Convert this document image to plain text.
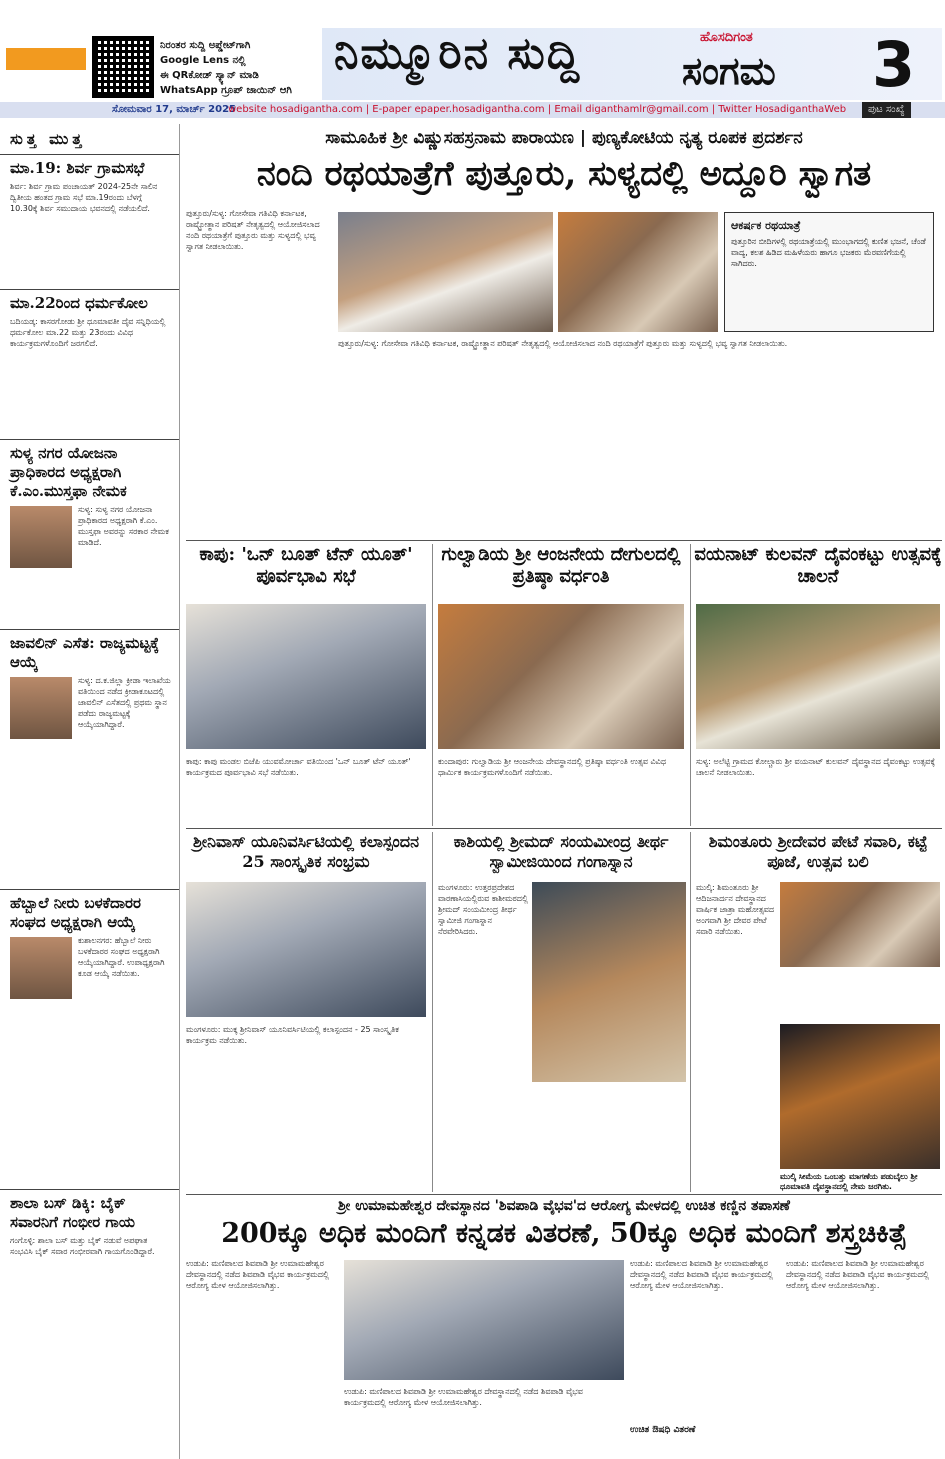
ನಿರಂತರ ಸುದ್ದಿ ಅಪ್ಡೇಟ್‌ಗಾಗಿ
Google Lens ನಲ್ಲಿ
ಈ QRಕೋಡ್ ಸ್ಕ್ಯಾನ್ ಮಾಡಿ
WhatsApp ಗ್ರೂಪ್ ಜಾಯಿನ್ ಆಗಿ
ನಿಮ್ಮೂರಿನ ಸುದ್ದಿ	ಹೊಸದಿಗಂತ
ಸಂಗಮ 3
ಸೋಮವಾರ 17, ಮಾರ್ಚ್ 2025
website hosadigantha.com | E-paper epaper.hosadigantha.com | Email diganthamlr@gmail.com | Twitter HosadiganthaWeb	ಪುಟ ಸಂಖ್ಯೆ
ಸುತ್ತ ಮುತ್ತ
ಮಾ.19: ಶಿರ್ವ ಗ್ರಾಮಸಭೆ
ಶಿರ್ವ: ಶಿರ್ವ ಗ್ರಾಮ ಪಂಚಾಯತ್ 2024-25ನೇ ಸಾಲಿನ ದ್ವಿತೀಯ ಹಂತದ ಗ್ರಾಮ ಸಭೆ ಮಾ.19ರಂದು ಬೆಳಗ್ಗೆ 10.30ಕ್ಕೆ ಶಿರ್ವ ಸಮುದಾಯ ಭವನದಲ್ಲಿ ನಡೆಯಲಿದೆ.
ಮಾ.22ರಿಂದ ಧರ್ಮಕೋಲ
ಬದಿಯಡ್ಕ: ಕಾಸರಗೋಡು ಶ್ರೀ ಧೂಮಾವತೀ ದೈವ ಸನ್ನಿಧಿಯಲ್ಲಿ ಧರ್ಮಕೋಲ ಮಾ.22 ಮತ್ತು 23ರಂದು ವಿವಿಧ ಕಾರ್ಯಕ್ರಮಗಳೊಂದಿಗೆ ಜರಗಲಿದೆ.
ಸುಳ್ಯ ನಗರ ಯೋಜನಾ ಪ್ರಾಧಿಕಾರದ ಅಧ್ಯಕ್ಷರಾಗಿ ಕೆ.ಎಂ.ಮುಸ್ತಫಾ ನೇಮಕ
ಸುಳ್ಯ: ಸುಳ್ಯ ನಗರ ಯೋಜನಾ ಪ್ರಾಧಿಕಾರದ ಅಧ್ಯಕ್ಷರಾಗಿ ಕೆ.ಎಂ. ಮುಸ್ತಫಾ ಅವರನ್ನು ಸರಕಾರ ನೇಮಕ ಮಾಡಿದೆ.
ಜಾವಲಿನ್ ಎಸೆತ: ರಾಜ್ಯಮಟ್ಟಕ್ಕೆ ಆಯ್ಕೆ
ಸುಳ್ಯ: ದ.ಕ.ಜಿಲ್ಲಾ ಕ್ರೀಡಾ ಇಲಾಖೆಯ ವತಿಯಿಂದ ನಡೆದ ಕ್ರೀಡಾಕೂಟದಲ್ಲಿ ಜಾವಲಿನ್ ಎಸೆತದಲ್ಲಿ ಪ್ರಥಮ ಸ್ಥಾನ ಪಡೆದು ರಾಜ್ಯಮಟ್ಟಕ್ಕೆ ಆಯ್ಕೆಯಾಗಿದ್ದಾರೆ.
ಹೆಬ್ಬಾಲೆ ನೀರು ಬಳಕೆದಾರರ ಸಂಘದ ಅಧ್ಯಕ್ಷರಾಗಿ ಆಯ್ಕೆ
ಕುಶಾಲನಗರ: ಹೆಬ್ಬಾಲೆ ನೀರು ಬಳಕೆದಾರರ ಸಂಘದ ಅಧ್ಯಕ್ಷರಾಗಿ ಆಯ್ಕೆಯಾಗಿದ್ದಾರೆ. ಉಪಾಧ್ಯಕ್ಷರಾಗಿ ಕೂಡ ಆಯ್ಕೆ ನಡೆಯಿತು.
ಶಾಲಾ ಬಸ್ ಡಿಕ್ಕಿ: ಬೈಕ್ ಸವಾರನಿಗೆ ಗಂಭೀರ ಗಾಯ
ಗಂಗೊಳ್ಳಿ: ಶಾಲಾ ಬಸ್ ಮತ್ತು ಬೈಕ್ ನಡುವೆ ಅಪಘಾತ ಸಂಭವಿಸಿ ಬೈಕ್ ಸವಾರ ಗಂಭೀರವಾಗಿ ಗಾಯಗೊಂಡಿದ್ದಾರೆ.
ಸಾಮೂಹಿಕ ಶ್ರೀ ವಿಷ್ಣುಸಹಸ್ರನಾಮ ಪಾರಾಯಣ | ಪುಣ್ಯಕೋಟಿಯ ನೃತ್ಯ ರೂಪಕ ಪ್ರದರ್ಶನ
ನಂದಿ ರಥಯಾತ್ರೆಗೆ ಪುತ್ತೂರು, ಸುಳ್ಯದಲ್ಲಿ ಅದ್ದೂರಿ ಸ್ವಾಗತ
ಪುತ್ತೂರು/ಸುಳ್ಯ: ಗೋಸೇವಾ ಗತಿವಿಧಿ ಕರ್ನಾಟಕ, ರಾಷ್ಟ್ರೋತ್ಥಾನ ಪರಿಷತ್ ನೇತೃತ್ವದಲ್ಲಿ ಆಯೋಜಿಸಲಾದ ನಂದಿ ರಥಯಾತ್ರೆಗೆ ಪುತ್ತೂರು ಮತ್ತು ಸುಳ್ಯದಲ್ಲಿ ಭವ್ಯ ಸ್ವಾಗತ ನೀಡಲಾಯಿತು.
ಆಕರ್ಷಕ ರಥಯಾತ್ರೆ
ಪುತ್ತೂರಿನ ಬೀದಿಗಳಲ್ಲಿ ರಥಯಾತ್ರೆಯಲ್ಲಿ ಮುಂಭಾಗದಲ್ಲಿ ಕುಣಿತ ಭಜನೆ, ಚೆಂಡೆ ವಾದ್ಯ, ಕಲಶ ಹಿಡಿದ ಮಹಿಳೆಯರು ಹಾಗೂ ಭಜಕರು ಮೆರವಣಿಗೆಯಲ್ಲಿ ಸಾಗಿದರು.
ಪುತ್ತೂರು/ಸುಳ್ಯ: ಗೋಸೇವಾ ಗತಿವಿಧಿ ಕರ್ನಾಟಕ, ರಾಷ್ಟ್ರೋತ್ಥಾನ ಪರಿಷತ್ ನೇತೃತ್ವದಲ್ಲಿ ಆಯೋಜಿಸಲಾದ ನಂದಿ ರಥಯಾತ್ರೆಗೆ ಪುತ್ತೂರು ಮತ್ತು ಸುಳ್ಯದಲ್ಲಿ ಭವ್ಯ ಸ್ವಾಗತ ನೀಡಲಾಯಿತು.
ಕಾಪು: 'ಒನ್ ಬೂತ್ ಟೆನ್ ಯೂತ್' ಪೂರ್ವಭಾವಿ ಸಭೆ
ಕಾಪು: ಕಾಪು ಮಂಡಲ ಬಿಜೆಪಿ ಯುವಮೋರ್ಚಾ ವತಿಯಿಂದ 'ಒನ್ ಬೂತ್ ಟೆನ್ ಯೂತ್' ಕಾರ್ಯಕ್ರಮದ ಪೂರ್ವಭಾವಿ ಸಭೆ ನಡೆಯಿತು.
ಗುಲ್ವಾಡಿಯ ಶ್ರೀ ಆಂಜನೇಯ ದೇಗುಲದಲ್ಲಿ ಪ್ರತಿಷ್ಠಾ ವರ್ಧಂತಿ
ಕುಂದಾಪುರ: ಗುಲ್ವಾಡಿಯ ಶ್ರೀ ಆಂಜನೇಯ ದೇವಸ್ಥಾನದಲ್ಲಿ ಪ್ರತಿಷ್ಠಾ ವರ್ಧಂತಿ ಉತ್ಸವ ವಿವಿಧ ಧಾರ್ಮಿಕ ಕಾರ್ಯಕ್ರಮಗಳೊಂದಿಗೆ ನಡೆಯಿತು.
ವಯನಾಟ್ ಕುಲವನ್ ದೈವಂಕಟ್ಟು ಉತ್ಸವಕ್ಕೆ ಚಾಲನೆ
ಸುಳ್ಯ: ಅಲೆಟ್ಟಿ ಗ್ರಾಮದ ಕೋಲ್ಚಾರು ಶ್ರೀ ವಯನಾಟ್ ಕುಲವನ್ ದೈವಸ್ಥಾನದ ದೈವಂಕಟ್ಟು ಉತ್ಸವಕ್ಕೆ ಚಾಲನೆ ನೀಡಲಾಯಿತು.
ಶ್ರೀನಿವಾಸ್ ಯೂನಿವರ್ಸಿಟಿಯಲ್ಲಿ ಕಲಾಸ್ಪಂದನ 25 ಸಾಂಸ್ಕೃತಿಕ ಸಂಭ್ರಮ
ಮಂಗಳೂರು: ಮುಕ್ಕ ಶ್ರೀನಿವಾಸ್ ಯೂನಿವರ್ಸಿಟಿಯಲ್ಲಿ ಕಲಾಸ್ಪಂದನ - 25 ಸಾಂಸ್ಕೃತಿಕ ಕಾರ್ಯಕ್ರಮ ನಡೆಯಿತು.
ಕಾಶಿಯಲ್ಲಿ ಶ್ರೀಮದ್ ಸಂಯಮೀಂದ್ರ ತೀರ್ಥ ಸ್ವಾಮೀಜಿಯಿಂದ ಗಂಗಾಸ್ನಾನ
ಮಂಗಳೂರು: ಉತ್ತರಪ್ರದೇಶದ ವಾರಣಾಸಿಯಲ್ಲಿರುವ ಕಾಶೀಮಠದಲ್ಲಿ ಶ್ರೀಮದ್ ಸಂಯಮೀಂದ್ರ ತೀರ್ಥ ಸ್ವಾಮೀಜಿ ಗಂಗಾಸ್ನಾನ ನೆರವೇರಿಸಿದರು.
ಶಿಮಂತೂರು ಶ್ರೀದೇವರ ಪೇಟೆ ಸವಾರಿ, ಕಟ್ಟೆ ಪೂಜೆ, ಉತ್ಸವ ಬಲಿ
ಮುಲ್ಕಿ: ಶಿಮಂತೂರು ಶ್ರೀ ಆದಿಜನಾರ್ದನ ದೇವಸ್ಥಾನದ ವಾರ್ಷಿಕ ಜಾತ್ರಾ ಮಹೋತ್ಸವದ ಅಂಗವಾಗಿ ಶ್ರೀ ದೇವರ ಪೇಟೆ ಸವಾರಿ ನಡೆಯಿತು.
ಮುಲ್ಕಿ ಸೀಮೆಯ ಒಂಬತ್ತು ಮಾಗಣೆಯ ಪಡುಬೈಲು ಶ್ರೀ ಧೂಮಾವತಿ ದೈವಸ್ಥಾನದಲ್ಲಿ ನೇಮ ಜರಗಿತು.
ಶ್ರೀ ಉಮಾಮಹೇಶ್ವರ ದೇವಸ್ಥಾನದ 'ಶಿವಪಾಡಿ ವೈಭವ'ದ ಆರೋಗ್ಯ ಮೇಳದಲ್ಲಿ ಉಚಿತ ಕಣ್ಣಿನ ತಪಾಸಣೆ
200ಕ್ಕೂ ಅಧಿಕ ಮಂದಿಗೆ ಕನ್ನಡಕ ವಿತರಣೆ, 50ಕ್ಕೂ ಅಧಿಕ ಮಂದಿಗೆ ಶಸ್ತ್ರಚಿಕಿತ್ಸೆ
ಉಡುಪಿ: ಮಣಿಪಾಲದ ಶಿವಪಾಡಿ ಶ್ರೀ ಉಮಾಮಹೇಶ್ವರ ದೇವಸ್ಥಾನದಲ್ಲಿ ನಡೆದ ಶಿವಪಾಡಿ ವೈಭವ ಕಾರ್ಯಕ್ರಮದಲ್ಲಿ ಆರೋಗ್ಯ ಮೇಳ ಆಯೋಜಿಸಲಾಗಿತ್ತು.
ಉಡುಪಿ: ಮಣಿಪಾಲದ ಶಿವಪಾಡಿ ಶ್ರೀ ಉಮಾಮಹೇಶ್ವರ ದೇವಸ್ಥಾನದಲ್ಲಿ ನಡೆದ ಶಿವಪಾಡಿ ವೈಭವ ಕಾರ್ಯಕ್ರಮದಲ್ಲಿ ಆರೋಗ್ಯ ಮೇಳ ಆಯೋಜಿಸಲಾಗಿತ್ತು.
ಉಡುಪಿ: ಮಣಿಪಾಲದ ಶಿವಪಾಡಿ ಶ್ರೀ ಉಮಾಮಹೇಶ್ವರ ದೇವಸ್ಥಾನದಲ್ಲಿ ನಡೆದ ಶಿವಪಾಡಿ ವೈಭವ ಕಾರ್ಯಕ್ರಮದಲ್ಲಿ ಆರೋಗ್ಯ ಮೇಳ ಆಯೋಜಿಸಲಾಗಿತ್ತು.
ಉಚಿತ ಔಷಧಿ ವಿತರಣೆ
ಉಡುಪಿ: ಮಣಿಪಾಲದ ಶಿವಪಾಡಿ ಶ್ರೀ ಉಮಾಮಹೇಶ್ವರ ದೇವಸ್ಥಾನದಲ್ಲಿ ನಡೆದ ಶಿವಪಾಡಿ ವೈಭವ ಕಾರ್ಯಕ್ರಮದಲ್ಲಿ ಆರೋಗ್ಯ ಮೇಳ ಆಯೋಜಿಸಲಾಗಿತ್ತು.
